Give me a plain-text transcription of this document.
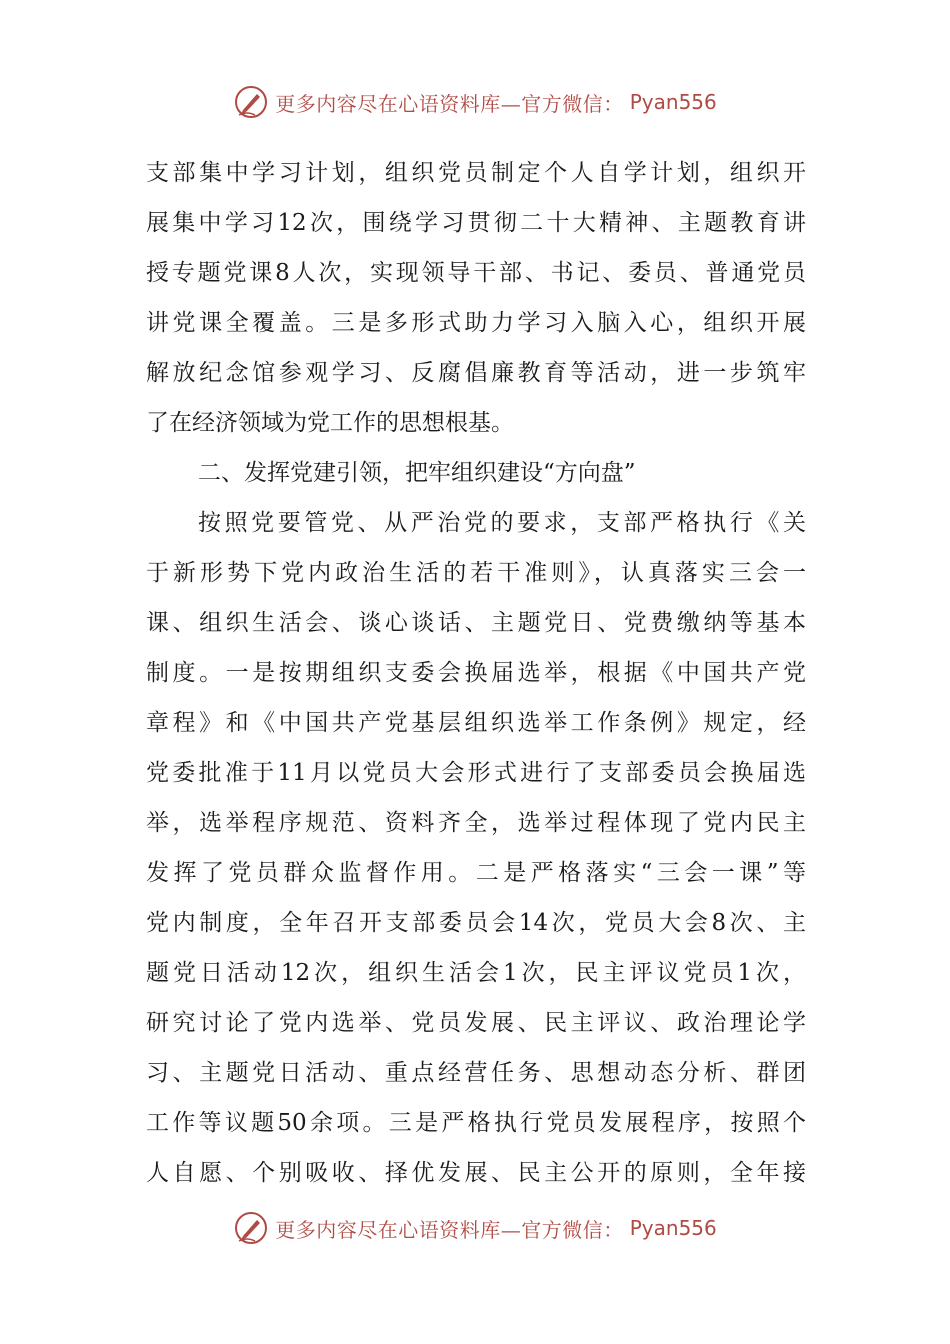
更多内容尽在心语资料库—官方微信： Pyan556
支部集中学习计划，组织党员制定个人自学计划，组织开
展集中学习12次，围绕学习贯彻二十大精神、主题教育讲
授专题党课8人次，实现领导干部、书记、委员、普通党员
讲党课全覆盖。三是多形式助力学习入脑入心，组织开展
解放纪念馆参观学习、反腐倡廉教育等活动，进一步筑牢
了在经济领域为党工作的思想根基。
二、发挥党建引领，把牢组织建设“方向盘”
按照党要管党、从严治党的要求，支部严格执行《关
于新形势下党内政治生活的若干准则》，认真落实三会一
课、组织生活会、谈心谈话、主题党日、党费缴纳等基本
制度。一是按期组织支委会换届选举，根据《中国共产党
章程》和《中国共产党基层组织选举工作条例》规定，经
党委批准于11月以党员大会形式进行了支部委员会换届选
举，选举程序规范、资料齐全，选举过程体现了党内民主
发挥了党员群众监督作用。二是严格落实“三会一课”等
党内制度，全年召开支部委员会14次，党员大会8次、主
题党日活动12次，组织生活会1次，民主评议党员1次，
研究讨论了党内选举、党员发展、民主评议、政治理论学
习、主题党日活动、重点经营任务、思想动态分析、群团
工作等议题50余项。三是严格执行党员发展程序，按照个
人自愿、个别吸收、择优发展、民主公开的原则，全年接
更多内容尽在心语资料库—官方微信： Pyan556
